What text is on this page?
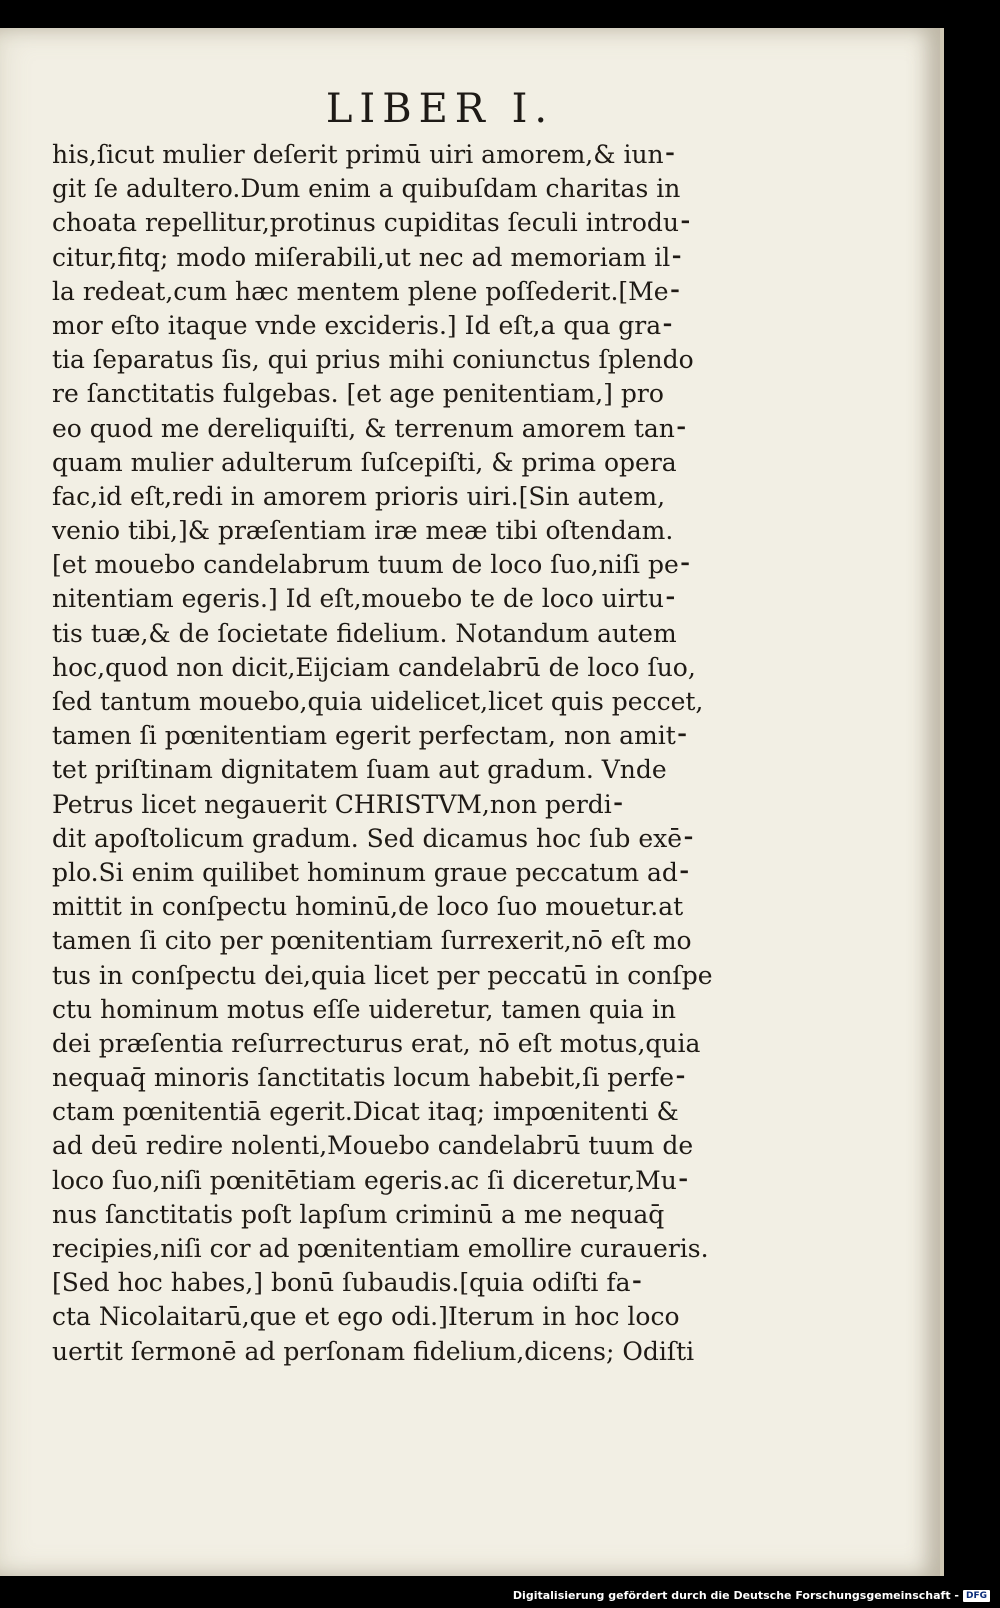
LIBER I.
his,ſicut mulier deſerit primū uiri amorem,& iun⁃
git ſe adultero.Dum enim a quibuſdam charitas in
choata repellitur,protinus cupiditas ſeculi introdu⁃
citur,fitq; modo miſerabili,ut nec ad memoriam il⁃
la redeat,cum hæc mentem plene poſſederit.[Me⁃
mor eſto itaque vnde excideris.] Id eſt,a qua gra⁃
tia ſeparatus ſis, qui prius mihi coniunctus ſplendo
re ſanctitatis fulgebas. [et age penitentiam,] pro
eo quod me dereliquiſti, & terrenum amorem tan⁃
quam mulier adulterum ſuſcepiſti, & prima opera
fac,id eſt,redi in amorem prioris uiri.[Sin autem,
venio tibi,]& præſentiam iræ meæ tibi oſtendam.
[et mouebo candelabrum tuum de loco ſuo,niſi pe⁃
nitentiam egeris.] Id eſt,mouebo te de loco uirtu⁃
tis tuæ,& de ſocietate fidelium. Notandum autem
hoc,quod non dicit,Eijciam candelabrū de loco ſuo,
ſed tantum mouebo,quia uidelicet,licet quis peccet,
tamen ſi pœnitentiam egerit perfectam, non amit⁃
tet priſtinam dignitatem ſuam aut gradum. Vnde
Petrus licet negauerit CHRISTVM,non perdi⁃
dit apoſtolicum gradum. Sed dicamus hoc ſub exē⁃
plo.Si enim quilibet hominum graue peccatum ad⁃
mittit in conſpectu hominū,de loco ſuo mouetur.at
tamen ſi cito per pœnitentiam ſurrexerit,nō eſt mo
tus in conſpectu dei,quia licet per peccatū in conſpe
ctu hominum motus eſſe uideretur, tamen quia in
dei præſentia reſurrecturus erat, nō eſt motus,quia
nequaq̄ minoris ſanctitatis locum habebit,ſi perfe⁃
ctam pœnitentiā egerit.Dicat itaq; impœnitenti &
ad deū redire nolenti,Mouebo candelabrū tuum de
loco ſuo,niſi pœnitētiam egeris.ac ſi diceretur,Mu⁃
nus ſanctitatis poſt lapſum criminū a me nequaq̄
recipies,niſi cor ad pœnitentiam emollire curaueris.
[Sed hoc habes,] bonū ſubaudis.[quia odiſti fa⁃
cta Nicolaitarū,que et ego odi.]Iterum in hoc loco
uertit ſermonē ad perſonam fidelium,dicens; Odiſti
Digitalisierung gefördert durch die Deutsche Forschungsgemeinschaft - DFG
